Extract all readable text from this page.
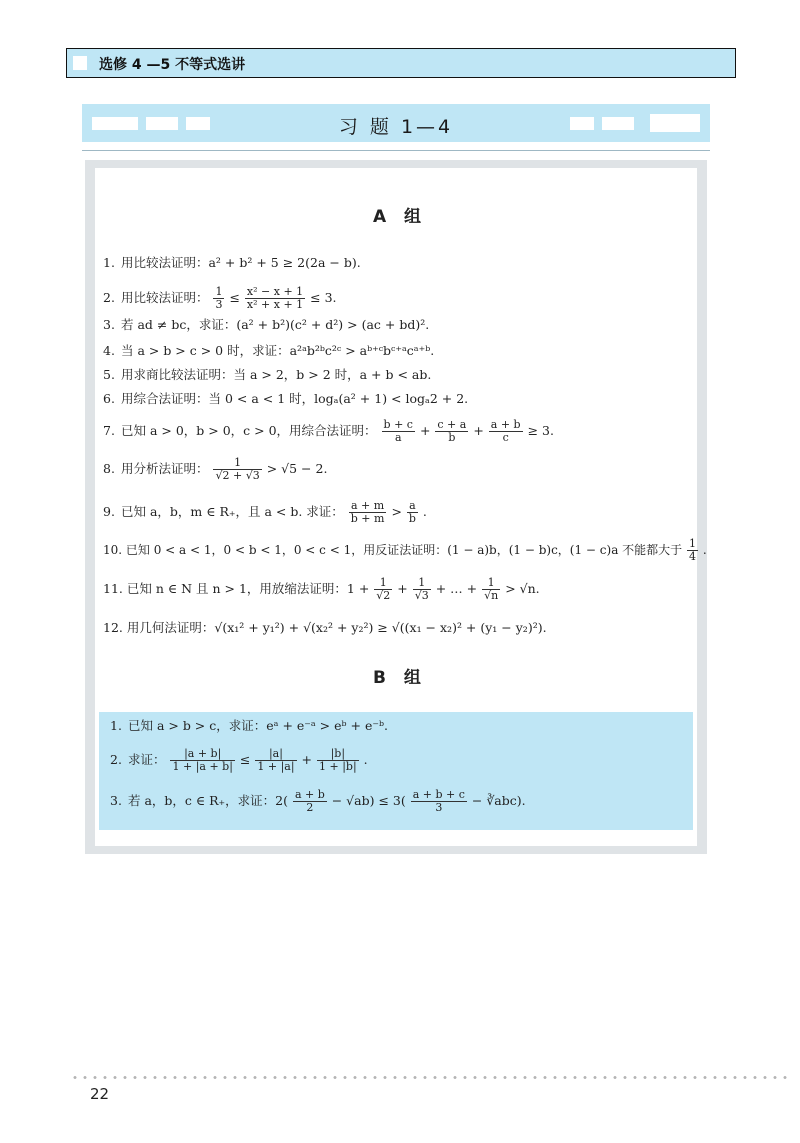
选修 4 —5 不等式选讲
习 题 1—4
A 组
1. 用比较法证明：a² + b² + 5 ≥ 2(2a − b).
2. 用比较法证明： $\frac{1}{3} \le \frac{\text{x² − x + 1}}{\text{x² + x + 1}} \le 3$.
3. 若 ad ≠ bc，求证：(a² + b²)(c² + d²) > (ac + bd)².
4. 当 a > b > c > 0 时，求证：a²ᵃb²ᵇc²ᶜ > aᵇ⁺ᶜbᶜ⁺ᵃcᵃ⁺ᵇ.
5. 用求商比较法证明：当 a > 2，b > 2 时，a + b < ab.
6. 用综合法证明：当 0 < a < 1 时，logₐ(a² + 1) < logₐ2 + 2.
7. 已知 a > 0，b > 0，c > 0，用综合法证明： $\frac{b + c}{a} + \frac{c + a}{b} + \frac{a + b}{c} \ge 3$.
8. 用分析法证明： $\frac{1}{√2 + √3} > √5 - 2$.
9. 已知 a，b，m ∈ R₊，且 a < b. 求证： $\frac{a + m}{b + m} > \frac{a}{b}$ .
10. 已知 0 < a < 1，0 < b < 1，0 < c < 1，用反证法证明：(1 − a)b，(1 − b)c，(1 − c)a 不能都大于 $\frac{1}{4}$ .
11. 已知 n ∈ N 且 n > 1，用放缩法证明：$1 + \frac{1}{√2} + \frac{1}{√3}$ + … + $\frac{1}{√n} > √n$.
12. 用几何法证明：√(x₁² + y₁²) + √(x₂² + y₂²) ≥ √((x₁ − x₂)² + (y₁ − y₂)²).
B 组
1. 已知 a > b > c，求证：eᵃ + e⁻ᵃ > eᵇ + e⁻ᵇ.
2. 求证： $\frac{|a + b|}{1 + |a + b|} \le \frac{|a|}{1 + |a|} + \frac{|b|}{1 + |b|}$ .
3. 若 a，b，c ∈ R₊，求证：$2( \frac{a + b}{2} - √ab) \le 3( \frac{a + b + c}{3}$ − ∛abc).
22
